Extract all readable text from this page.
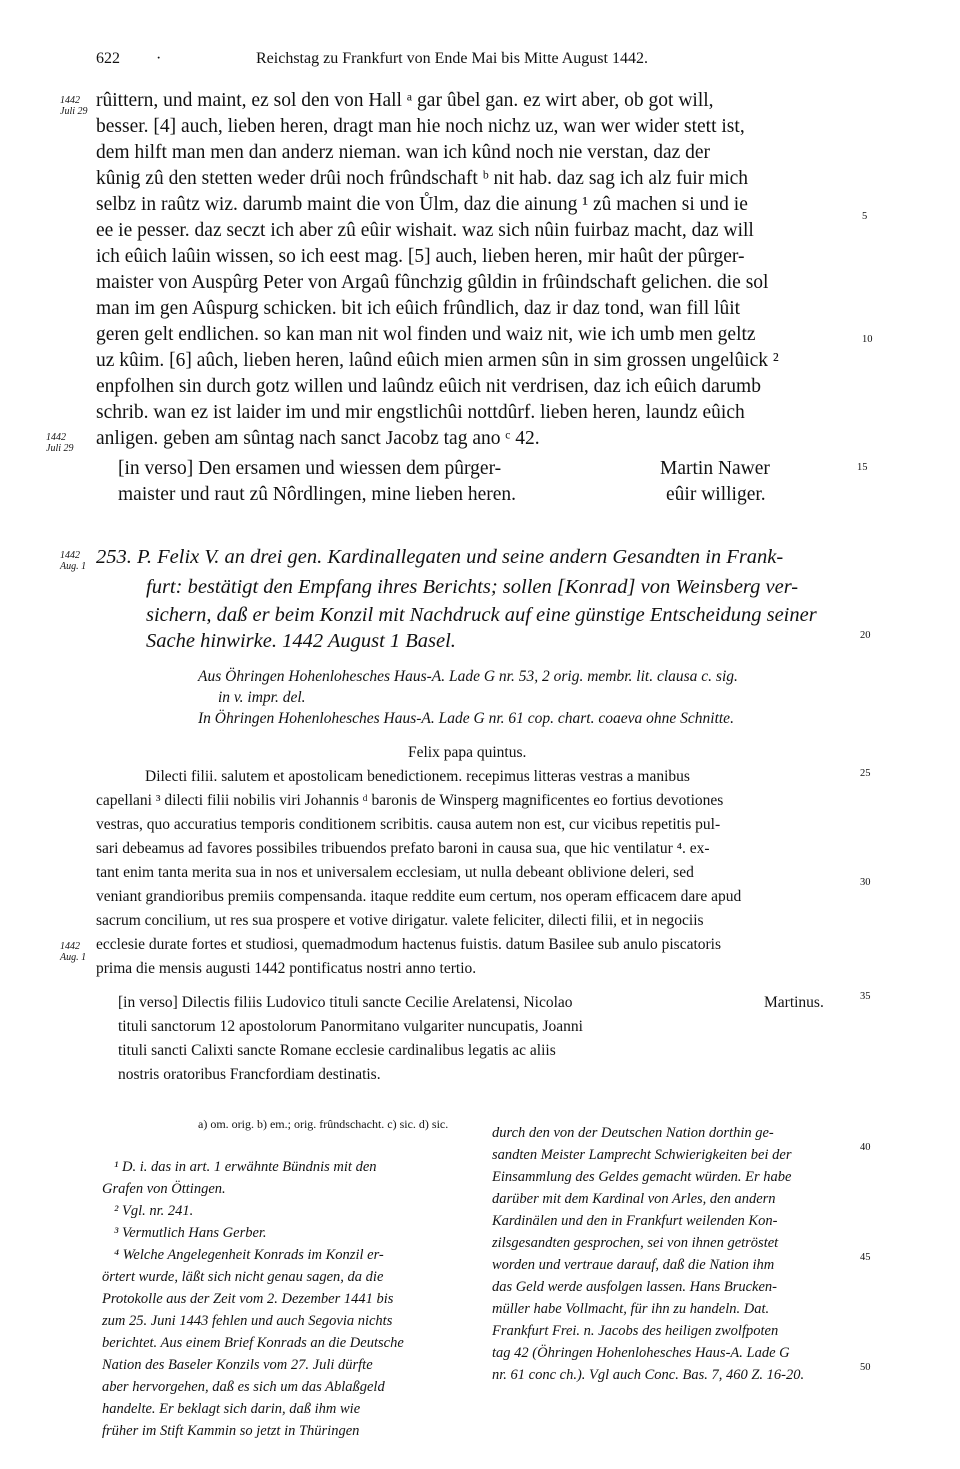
622 ·	Reichstag zu Frankfurt von Ende Mai bis Mitte August 1442.
1442
Juli 29
1442
Juli 29
1442
Aug. 1
1442
Aug. 1
5
10
15
20
25
30
35
40
45
50
rûittern, und maint, ez sol den von Hall ᵃ gar ûbel gan. ez wirt aber, ob got will,
besser. [4] auch, lieben heren, dragt man hie noch nichz uz, wan wer wider stett ist,
dem hilft man men dan anderz nieman. wan ich kûnd noch nie verstan, daz der
kûnig zû den stetten weder drûi noch frûndschaft ᵇ nit hab. daz sag ich alz fuir mich
selbz in raûtz wiz. darumb maint die von Ůlm, daz die ainung ¹ zû machen si und ie
ee ie pesser. daz seczt ich aber zû eûir wishait. waz sich nûin fuirbaz macht, daz will
ich eûich laûin wissen, so ich eest mag. [5] auch, lieben heren, mir haût der pûrger-
maister von Auspûrg Peter von Argaû fûnchzig gûldin in frûindschaft gelichen. die sol
man im gen Aûspurg schicken. bit ich eûich frûndlich, daz ir daz tond, wan fill lûit
geren gelt endlichen. so kan man nit wol finden und waiz nit, wie ich umb men geltz
uz kûim. [6] aûch, lieben heren, laûnd eûich mien armen sûn in sim grossen ungelûick ²
enpfolhen sin durch gotz willen und laûndz eûich nit verdrisen, daz ich eûich darumb
schrib. wan ez ist laider im und mir engstlichûi nottdûrf. lieben heren, laundz eûich
anligen. geben am sûntag nach sanct Jacobz tag ano ᶜ 42.
[in verso] Den ersamen und wiessen dem pûrger-
maister und raut zû Nôrdlingen, mine lieben heren.
Martin Nawer
eûir williger.
253. P. Felix V. an drei gen. Kardinallegaten und seine andern Gesandten in Frank-
furt: bestätigt den Empfang ihres Berichts; sollen [Konrad] von Weinsberg ver-
sichern, daß er beim Konzil mit Nachdruck auf eine günstige Entscheidung seiner
Sache hinwirke. 1442 August 1 Basel.
Aus Öhringen Hohenlohesches Haus-A. Lade G nr. 53, 2 orig. membr. lit. clausa c. sig.
in v. impr. del.
In Öhringen Hohenlohesches Haus-A. Lade G nr. 61 cop. chart. coaeva ohne Schnitte.
Felix papa quintus.
Dilecti filii. salutem et apostolicam benedictionem. recepimus litteras vestras a manibus
capellani ³ dilecti filii nobilis viri Johannis ᵈ baronis de Winsperg magnificentes eo fortius devotiones
vestras, quo accuratius temporis conditionem scribitis. causa autem non est, cur vicibus repetitis pul-
sari debeamus ad favores possibiles tribuendos prefato baroni in causa sua, que hic ventilatur ⁴. ex-
tant enim tanta merita sua in nos et universalem ecclesiam, ut nulla debeant oblivione deleri, sed
veniant grandioribus premiis compensanda. itaque reddite eum certum, nos operam efficacem dare apud
sacrum concilium, ut res sua prospere et votive dirigatur. valete feliciter, dilecti filii, et in negociis
ecclesie durate fortes et studiosi, quemadmodum hactenus fuistis. datum Basilee sub anulo piscatoris
prima die mensis augusti 1442 pontificatus nostri anno tertio.
[in verso] Dilectis filiis Ludovico tituli sancte Cecilie Arelatensi, Nicolao
tituli sanctorum 12 apostolorum Panormitano vulgariter nuncupatis, Joanni
tituli sancti Calixti sancte Romane ecclesie cardinalibus legatis ac aliis
nostris oratoribus Francfordiam destinatis.
Martinus.
a) om. orig. b) em.; orig. frûndschacht. c) sic. d) sic.
¹ D. i. das in art. 1 erwähnte Bündnis mit den
Grafen von Öttingen.
² Vgl. nr. 241.
³ Vermutlich Hans Gerber.
⁴ Welche Angelegenheit Konrads im Konzil er-
örtert wurde, läßt sich nicht genau sagen, da die
Protokolle aus der Zeit vom 2. Dezember 1441 bis
zum 25. Juni 1443 fehlen und auch Segovia nichts
berichtet. Aus einem Brief Konrads an die Deutsche
Nation des Baseler Konzils vom 27. Juli dürfte
aber hervorgehen, daß es sich um das Ablaßgeld
handelte. Er beklagt sich darin, daß ihm wie
früher im Stift Kammin so jetzt in Thüringen
durch den von der Deutschen Nation dorthin ge-
sandten Meister Lamprecht Schwierigkeiten bei der
Einsammlung des Geldes gemacht würden. Er habe
darüber mit dem Kardinal von Arles, den andern
Kardinälen und den in Frankfurt weilenden Kon-
zilsgesandten gesprochen, sei von ihnen getröstet
worden und vertraue darauf, daß die Nation ihm
das Geld werde ausfolgen lassen. Hans Brucken-
müller habe Vollmacht, für ihn zu handeln. Dat.
Frankfurt Frei. n. Jacobs des heiligen zwolfpoten
tag 42 (Öhringen Hohenlohesches Haus-A. Lade G
nr. 61 conc ch.). Vgl auch Conc. Bas. 7, 460 Z. 16-20.
